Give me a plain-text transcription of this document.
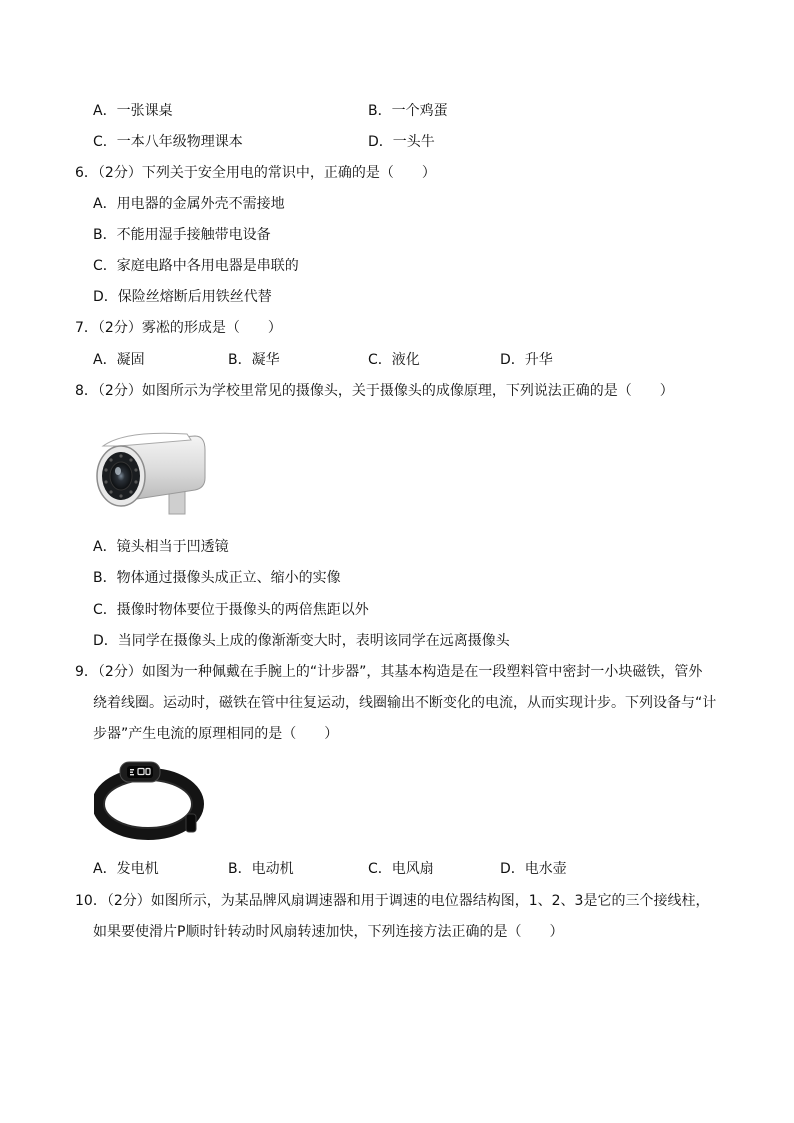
A．一张课桌	B．一个鸡蛋
C．一本八年级物理课本	D．一头牛
6．（2分）下列关于安全用电的常识中，正确的是（　　）
A．用电器的金属外壳不需接地
B．不能用湿手接触带电设备
C．家庭电路中各用电器是串联的
D．保险丝熔断后用铁丝代替
7．（2分）雾凇的形成是（　　）
A．凝固	B．凝华	C．液化	D．升华
8．（2分）如图所示为学校里常见的摄像头，关于摄像头的成像原理，下列说法正确的是（　　）
A．镜头相当于凹透镜
B．物体通过摄像头成正立、缩小的实像
C．摄像时物体要位于摄像头的两倍焦距以外
D．当同学在摄像头上成的像渐渐变大时，表明该同学在远离摄像头
9．（2分）如图为一种佩戴在手腕上的“计步器”，其基本构造是在一段塑料管中密封一小块磁铁，管外
绕着线圈。运动时，磁铁在管中往复运动，线圈输出不断变化的电流，从而实现计步。下列设备与“计
步器”产生电流的原理相同的是（　　）
A．发电机	B．电动机	C．电风扇	D．电水壶
10．（2分）如图所示，为某品牌风扇调速器和用于调速的电位器结构图，1、2、3是它的三个接线柱，
如果要使滑片P顺时针转动时风扇转速加快，下列连接方法正确的是（　　）
